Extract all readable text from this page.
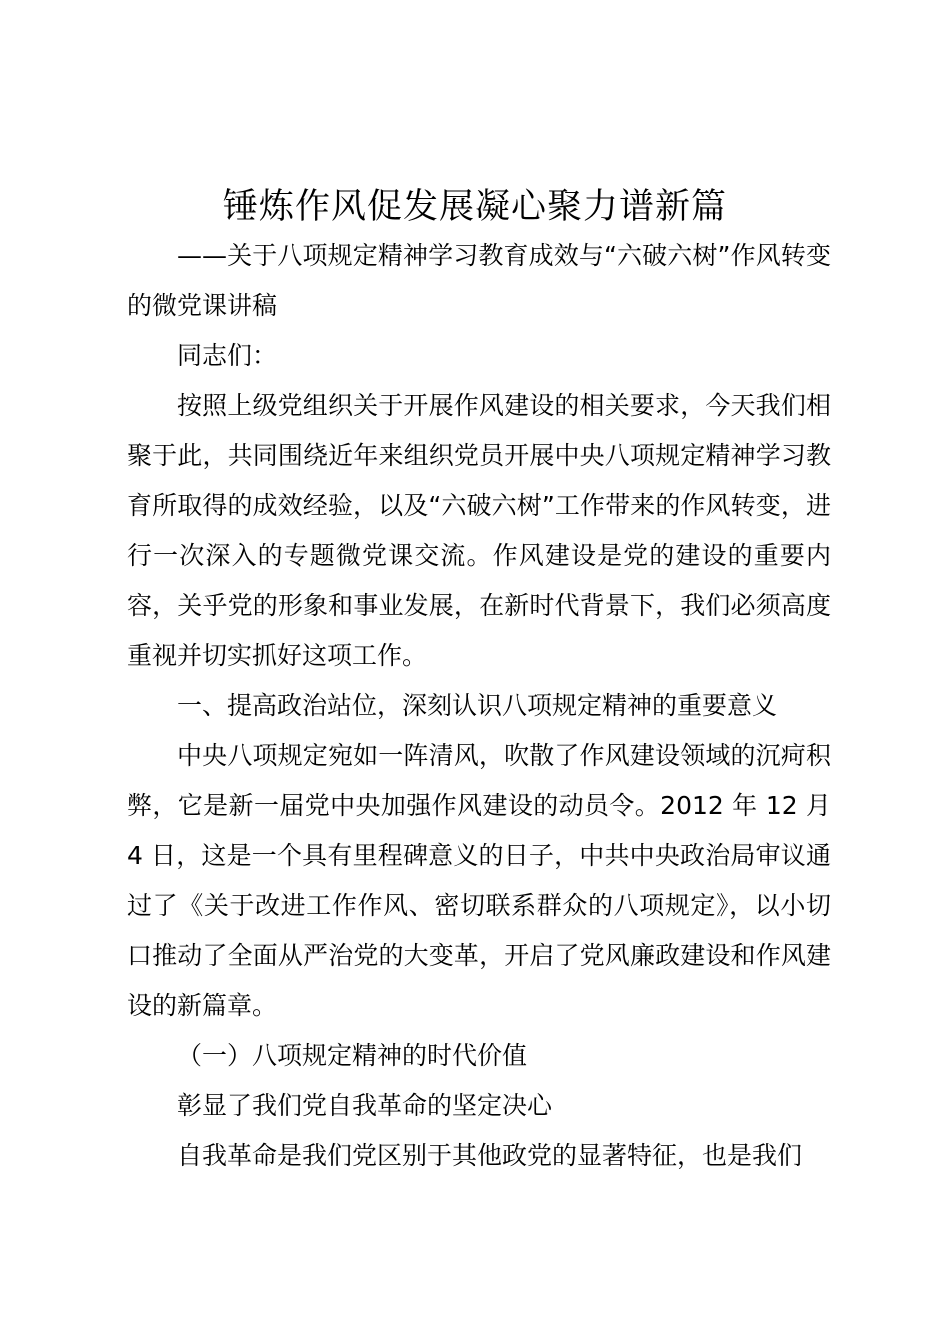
锤炼作风促发展凝心聚力谱新篇

——关于八项规定精神学习教育成效与“六破六树”作风转变的微党课讲稿

同志们：

按照上级党组织关于开展作风建设的相关要求，今天我们相聚于此，共同围绕近年来组织党员开展中央八项规定精神学习教育所取得的成效经验，以及“六破六树”工作带来的作风转变，进行一次深入的专题微党课交流。作风建设是党的建设的重要内容，关乎党的形象和事业发展，在新时代背景下，我们必须高度重视并切实抓好这项工作。

一、提高政治站位，深刻认识八项规定精神的重要意义

中央八项规定宛如一阵清风，吹散了作风建设领域的沉疴积弊，它是新一届党中央加强作风建设的动员令。2012 年 12 月 4 日，这是一个具有里程碑意义的日子，中共中央政治局审议通过了《关于改进工作作风、密切联系群众的八项规定》，以小切口推动了全面从严治党的大变革，开启了党风廉政建设和作风建设的新篇章。

（一）八项规定精神的时代价值

彰显了我们党自我革命的坚定决心

自我革命是我们党区别于其他政党的显著特征，也是我们
